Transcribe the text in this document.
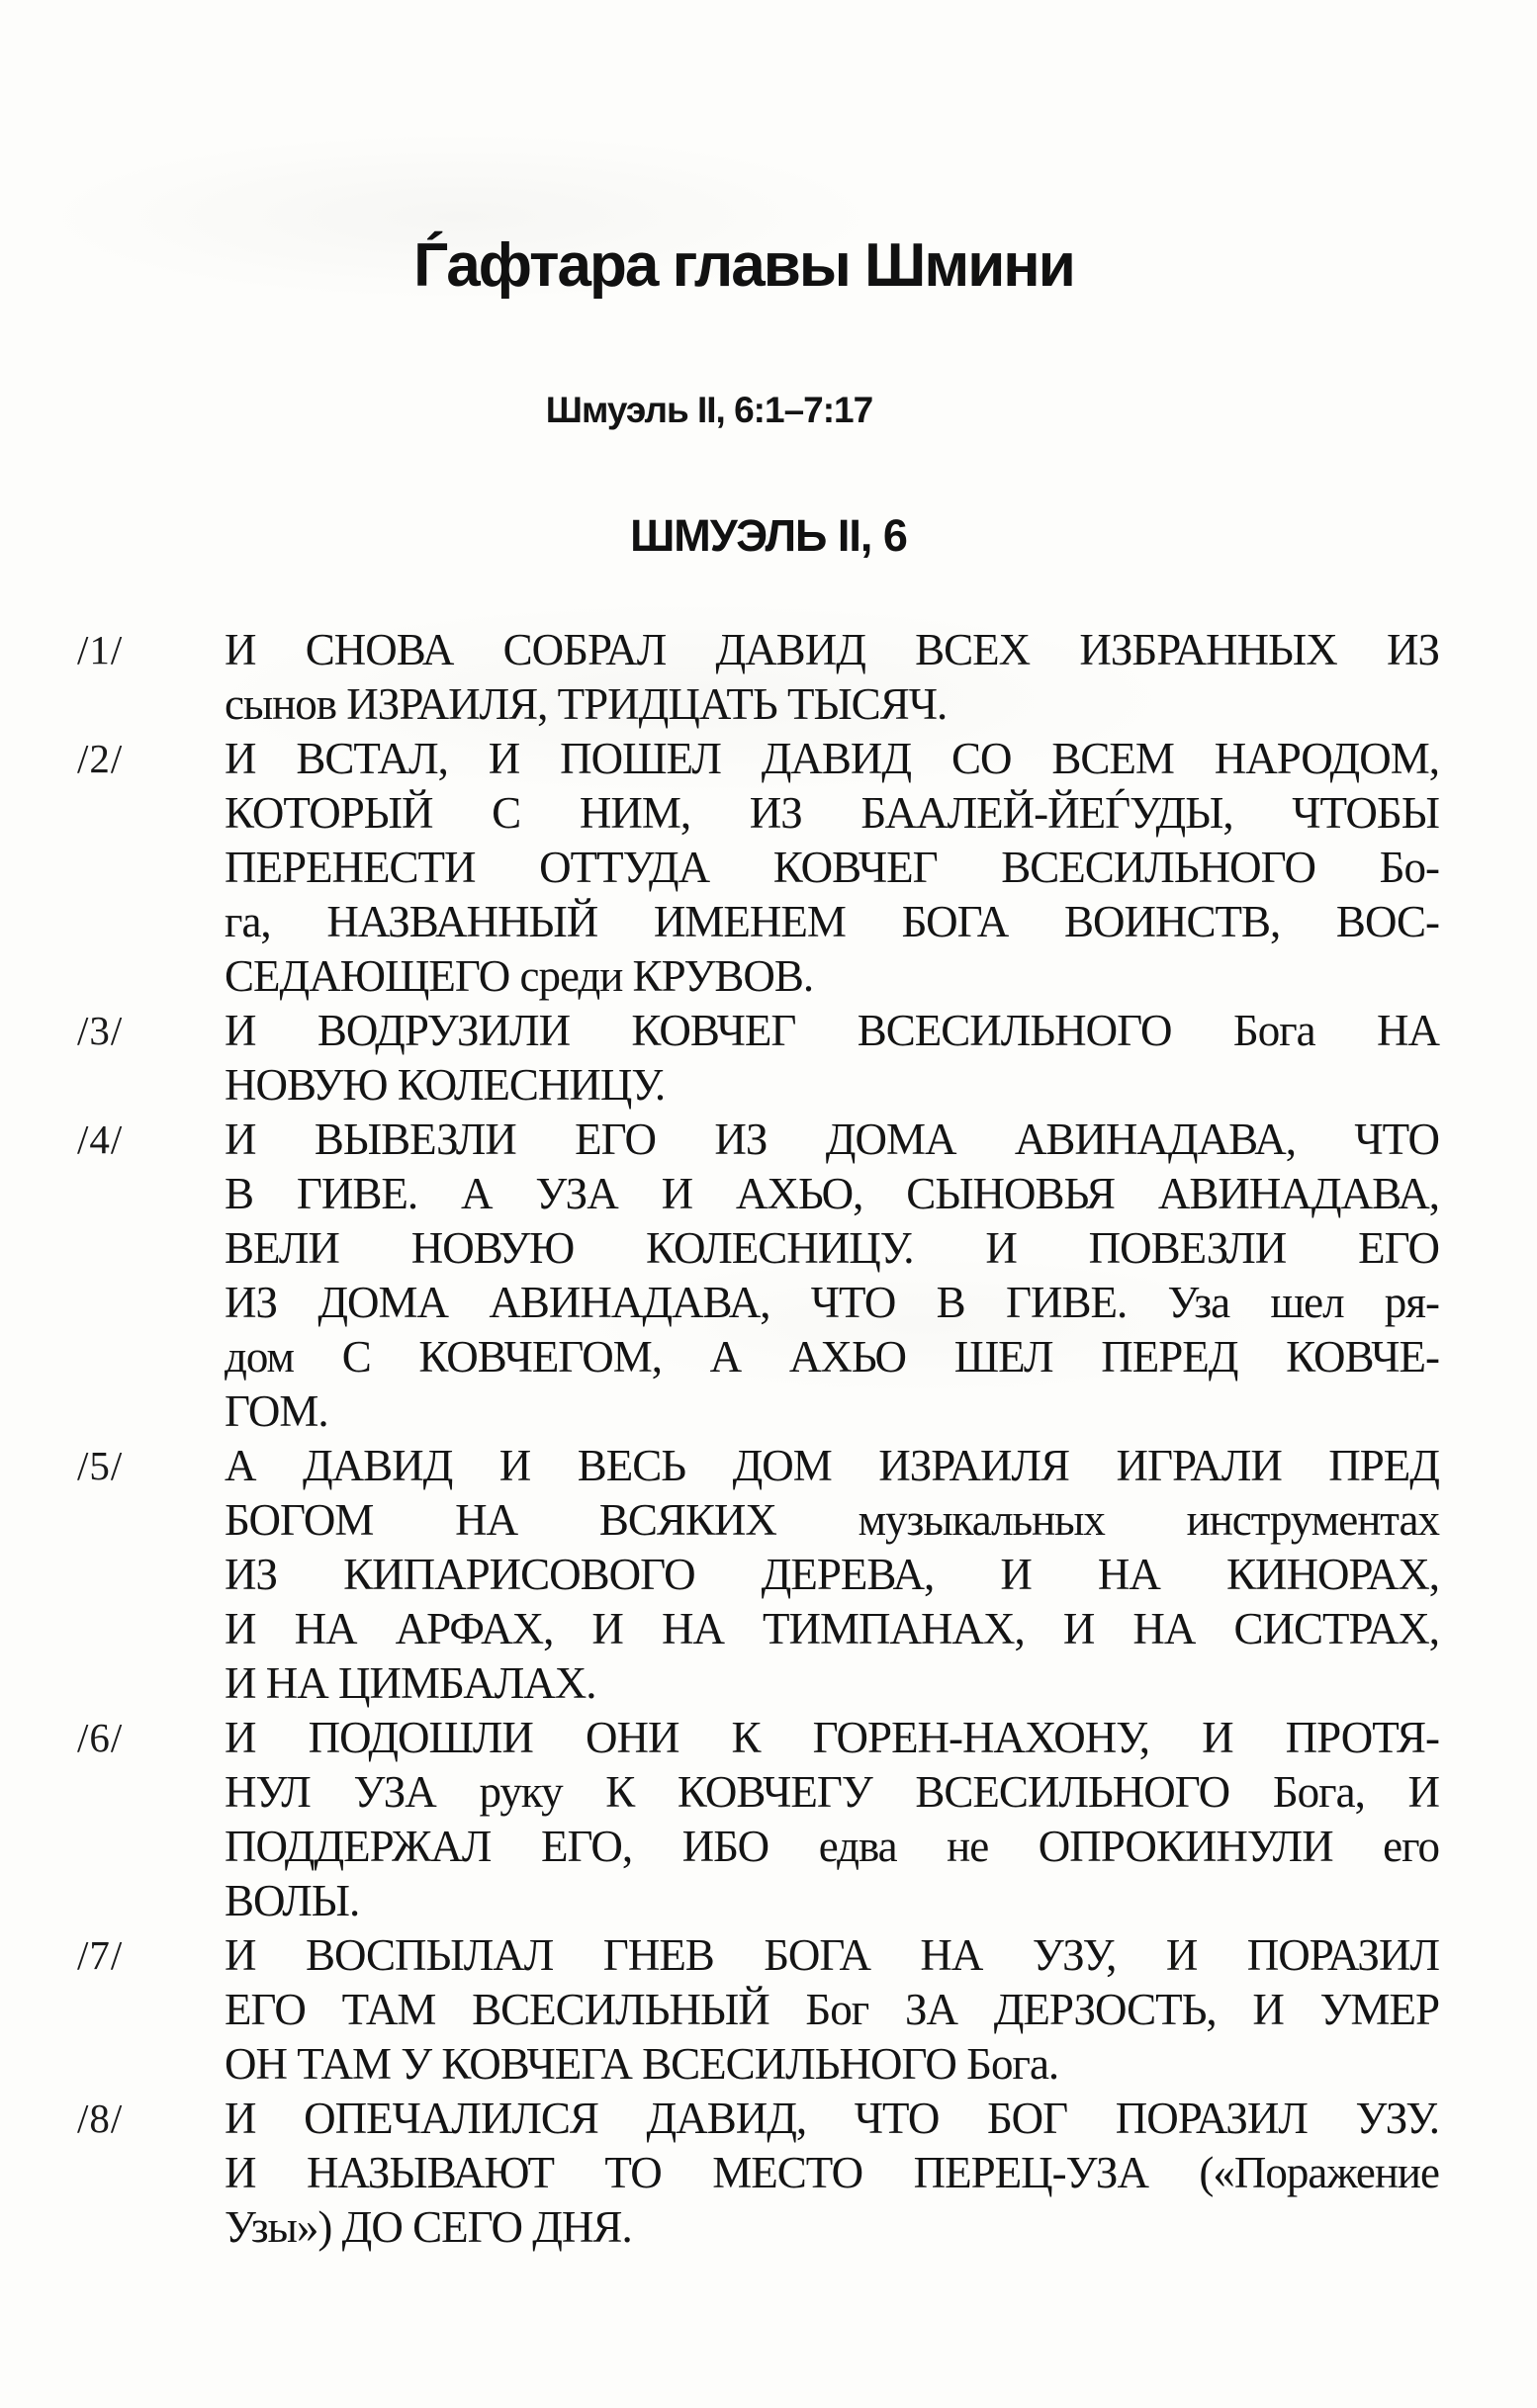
Ѓафтара главы Шмини
Шмуэль II, 6:1–7:17
ШМУЭЛЬ II, 6
/1/	И СНОВА СОБРАЛ ДАВИД ВСЕХ ИЗБРАННЫХ ИЗ
сынов ИЗРАИЛЯ, ТРИДЦАТЬ ТЫСЯЧ.
/2/	И ВСТАЛ, И ПОШЕЛ ДАВИД СО ВСЕМ НАРОДОМ,
КОТОРЫЙ С НИМ, ИЗ БААЛЕЙ-ЙЕЃУДЫ, ЧТОБЫ
ПЕРЕНЕСТИ ОТТУДА КОВЧЕГ ВСЕСИЛЬНОГО Бо-
га, НАЗВАННЫЙ ИМЕНЕМ БОГА ВОИНСТВ, ВОС-
СЕДАЮЩЕГО среди КРУВОВ.
/3/	И ВОДРУЗИЛИ КОВЧЕГ ВСЕСИЛЬНОГО Бога НА
НОВУЮ КОЛЕСНИЦУ.
/4/	И ВЫВЕЗЛИ ЕГО ИЗ ДОМА АВИНАДАВА, ЧТО
В ГИВЕ. А УЗА И АХЬО, СЫНОВЬЯ АВИНАДАВА,
ВЕЛИ НОВУЮ КОЛЕСНИЦУ. И ПОВЕЗЛИ ЕГО
ИЗ ДОМА АВИНАДАВА, ЧТО В ГИВЕ. Уза шел ря-
дом С КОВЧЕГОМ, А АХЬО ШЕЛ ПЕРЕД КОВЧЕ-
ГОМ.
/5/	А ДАВИД И ВЕСЬ ДОМ ИЗРАИЛЯ ИГРАЛИ ПРЕД
БОГОМ НА ВСЯКИХ музыкальных инструментах
ИЗ КИПАРИСОВОГО ДЕРЕВА, И НА КИНОРАХ,
И НА АРФАХ, И НА ТИМПАНАХ, И НА СИСТРАХ,
И НА ЦИМБАЛАХ.
/6/	И ПОДОШЛИ ОНИ К ГОРЕН-НАХОНУ, И ПРОТЯ-
НУЛ УЗА руку К КОВЧЕГУ ВСЕСИЛЬНОГО Бога, И
ПОДДЕРЖАЛ ЕГО, ИБО едва не ОПРОКИНУЛИ его
ВОЛЫ.
/7/	И ВОСПЫЛАЛ ГНЕВ БОГА НА УЗУ, И ПОРАЗИЛ
ЕГО ТАМ ВСЕСИЛЬНЫЙ Бог ЗА ДЕРЗОСТЬ, И УМЕР
ОН ТАМ У КОВЧЕГА ВСЕСИЛЬНОГО Бога.
/8/	И ОПЕЧАЛИЛСЯ ДАВИД, ЧТО БОГ ПОРАЗИЛ УЗУ.
И НАЗЫВАЮТ ТО МЕСТО ПЕРЕЦ-УЗА («Поражение
Узы») ДО СЕГО ДНЯ.
